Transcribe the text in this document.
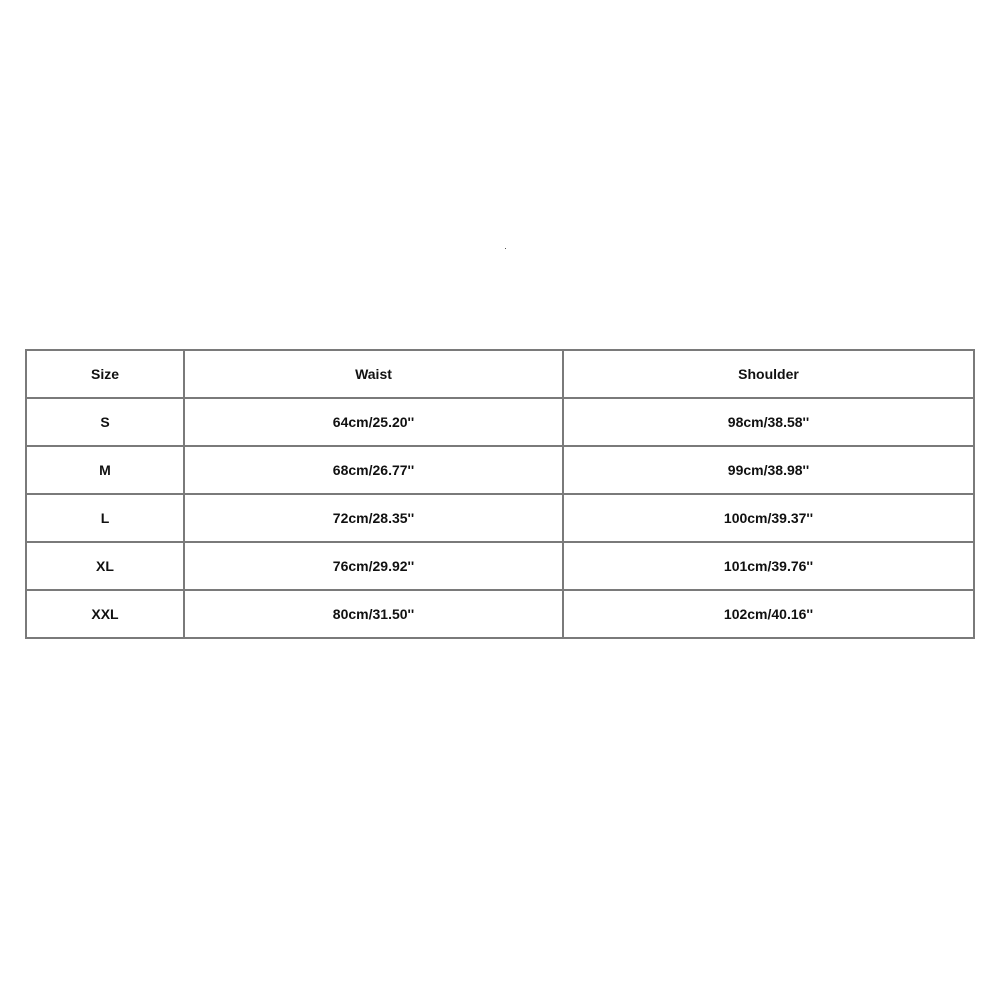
Size	Waist	Shoulder
S	64cm/25.20''	98cm/38.58''
M	68cm/26.77''	99cm/38.98''
L	72cm/28.35''	100cm/39.37''
XL	76cm/29.92''	101cm/39.76''
XXL	80cm/31.50''	102cm/40.16''
